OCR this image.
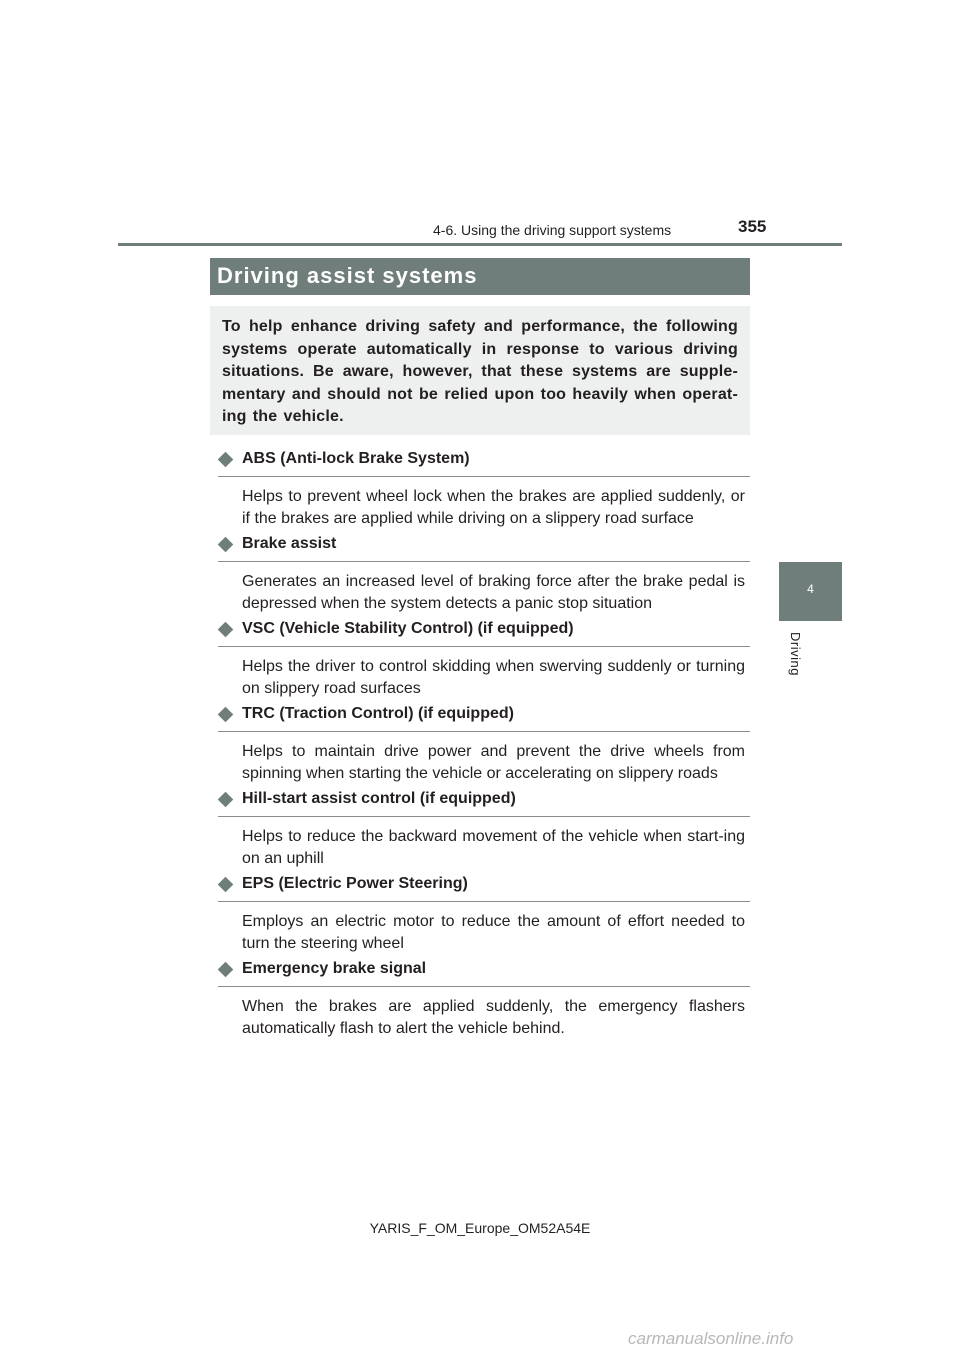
4-6. Using the driving support systems	355
4
Driving
Driving assist systems

To help enhance driving safety and performance, the following systems operate automatically in response to various driving situations. Be aware, however, that these systems are supple-mentary and should not be relied upon too heavily when operat-ing the vehicle.

ABS (Anti-lock Brake System)
Helps to prevent wheel lock when the brakes are applied suddenly, or if the brakes are applied while driving on a slippery road surface
Brake assist
Generates an increased level of braking force after the brake pedal is depressed when the system detects a panic stop situation
VSC (Vehicle Stability Control) (if equipped)
Helps the driver to control skidding when swerving suddenly or turning on slippery road surfaces
TRC (Traction Control) (if equipped)
Helps to maintain drive power and prevent the drive wheels from spinning when starting the vehicle or accelerating on slippery roads
Hill-start assist control (if equipped)
Helps to reduce the backward movement of the vehicle when start-ing on an uphill
EPS (Electric Power Steering)
Employs an electric motor to reduce the amount of effort needed to turn the steering wheel
Emergency brake signal
When the brakes are applied suddenly, the emergency flashers automatically flash to alert the vehicle behind.
YARIS_F_OM_Europe_OM52A54E
carmanualsonline.info
